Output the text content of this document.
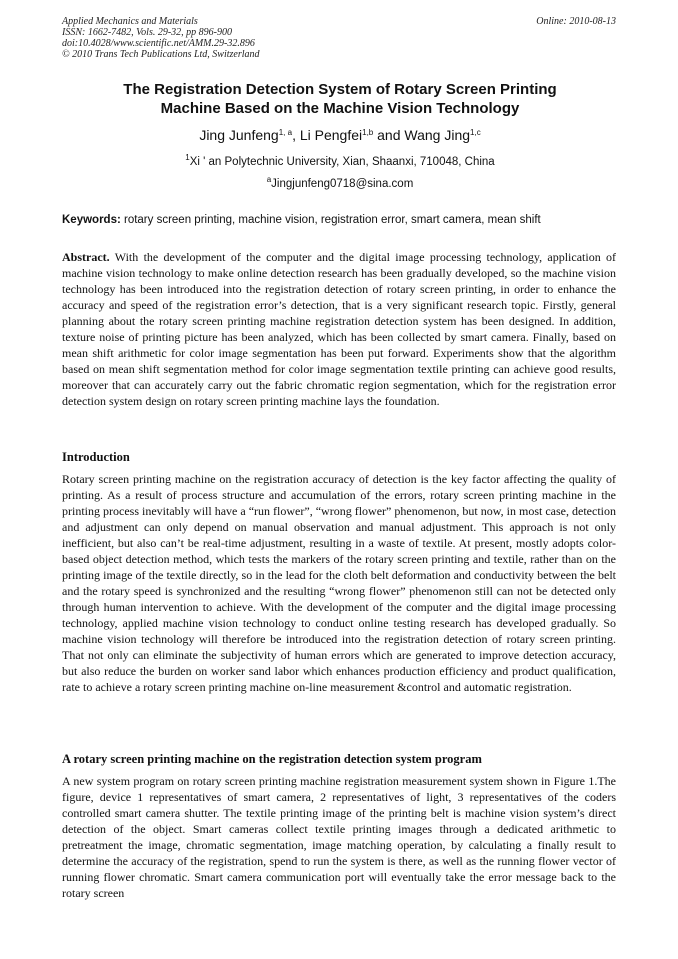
Applied Mechanics and Materials
ISSN: 1662-7482, Vols. 29-32, pp 896-900
doi:10.4028/www.scientific.net/AMM.29-32.896
© 2010 Trans Tech Publications Ltd, Switzerland
Online: 2010-08-13
The Registration Detection System of Rotary Screen Printing
Machine Based on the Machine Vision Technology
Jing Junfeng$^{1, a}$, Li Pengfei$^{1,b}$ and Wang Jing$^{1,c}$
$^1$Xi ' an Polytechnic University, Xian, Shaanxi, 710048, China
$^a$Jingjunfeng0718@sina.com
Keywords: rotary screen printing, machine vision, registration error, smart camera, mean shift
Abstract. With the development of the computer and the digital image processing technology, application of machine vision technology to make online detection research has been gradually developed, so the machine vision technology has been introduced into the registration detection of rotary screen printing, in order to enhance the accuracy and speed of the registration error’s detection, that is a very significant research topic. Firstly, general planning about the rotary screen printing machine registration detection system has been designed. In addition, texture noise of printing picture has been analyzed, which has been collected by smart camera. Finally, based on mean shift arithmetic for color image segmentation has been put forward. Experiments show that the algorithm based on mean shift segmentation method for color image segmentation textile printing can achieve good results, moreover that can accurately carry out the fabric chromatic region segmentation, which for the registration error detection system design on rotary screen printing machine lays the foundation.
Introduction
Rotary screen printing machine on the registration accuracy of detection is the key factor affecting the quality of printing. As a result of process structure and accumulation of the errors, rotary screen printing machine in the printing process inevitably will have a “run flower”, “wrong flower” phenomenon, but now, in most case, detection and adjustment can only depend on manual observation and manual adjustment. This approach is not only inefficient, but also can’t be real-time adjustment, resulting in a waste of textile. At present, mostly adopts color-based object detection method, which tests the markers of the rotary screen printing and textile, rather than on the printing image of the textile directly, so in the lead for the cloth belt deformation and conductivity between the belt and the rotary speed is synchronized and the resulting “wrong flower” phenomenon still can not be detected only through human intervention to achieve. With the development of the computer and the digital image processing technology, applied machine vision technology to conduct online testing research has developed gradually. So machine vision technology will therefore be introduced into the registration detection of rotary screen printing. That not only can eliminate the subjectivity of human errors which are generated to improve detection accuracy, but also reduce the burden on worker sand labor which enhances production efficiency and product qualification, rate to achieve a rotary screen printing machine on-line measurement &control and automatic registration.
A rotary screen printing machine on the registration detection system program
A new system program on rotary screen printing machine registration measurement system shown in Figure 1.The figure, device 1 representatives of smart camera, 2 representatives of light, 3 representatives of the coders controlled smart camera shutter. The textile printing image of the printing belt is machine vision system’s direct detection of the object. Smart cameras collect textile printing images through a dedicated arithmetic to pretreatment the image, chromatic segmentation, image matching operation, by calculating a finally result to determine the accuracy of the registration, spend to run the system is there, as well as the running flower vector of running flower chromatic. Smart camera communication port will eventually take the error message back to the rotary screen
